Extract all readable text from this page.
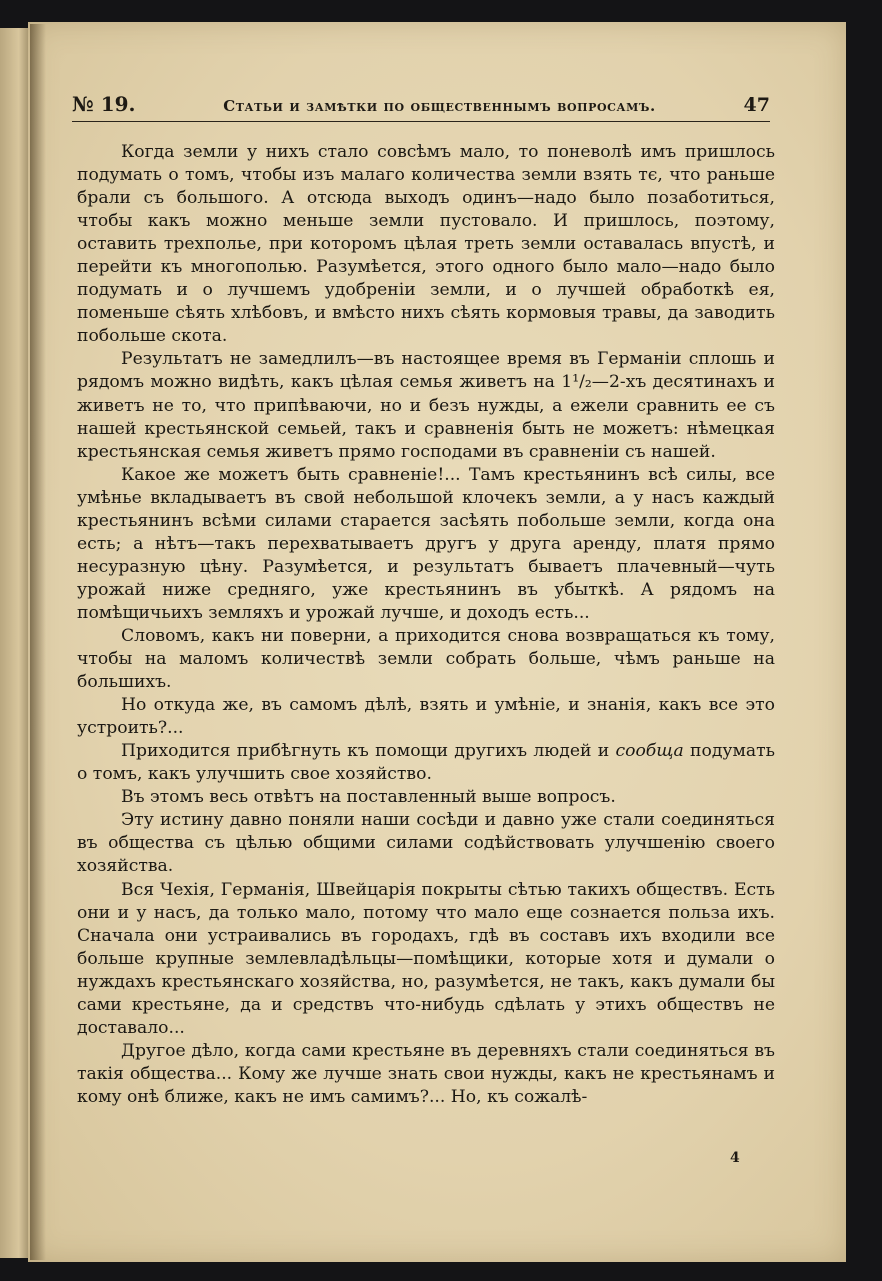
№ 19.	Статьи и замѣтки по общественнымъ вопросамъ.	47

Когда земли у нихъ стало совсѣмъ мало, то поневолѣ имъ пришлось подумать о томъ, чтобы изъ малаго количества земли взять тє, что раньше брали съ большого. А отсюда выходъ одинъ—надо было позаботиться, чтобы какъ можно меньше земли пустовало. И пришлось, поэтому, оставить трехполье, при которомъ цѣлая треть земли оставалась впустѣ, и перейти къ многополью. Разумѣется, этого одного было мало—надо было подумать и о лучшемъ удобреніи земли, и о лучшей обработкѣ ея, поменьше сѣять хлѣбовъ, и вмѣсто нихъ сѣять кормовыя травы, да заводить побольше скота.

Результатъ не замедлилъ—въ настоящее время въ Германіи сплошь и рядомъ можно видѣть, какъ цѣлая семья живетъ на 1¹/₂—2-хъ десятинахъ и живетъ не то, что припѣваючи, но и безъ нужды, а ежели сравнить ее съ нашей крестьянской семьей, такъ и сравненія быть не можетъ: нѣмецкая крестьянская семья живетъ прямо господами въ сравненіи съ нашей.

Какое же можетъ быть сравненіе!... Тамъ крестьянинъ всѣ силы, все умѣнье вкладываетъ въ свой небольшой клочекъ земли, а у насъ каждый крестьянинъ всѣми силами старается засѣять побольше земли, когда она есть; а нѣтъ—такъ перехватываетъ другъ у друга аренду, платя прямо несуразную цѣну. Разумѣется, и результатъ бываетъ плачевный—чуть урожай ниже средняго, уже крестьянинъ въ убыткѣ. А рядомъ на помѣщичьихъ земляхъ и урожай лучше, и доходъ есть...

Словомъ, какъ ни поверни, а приходится снова возвращаться къ тому, чтобы на маломъ количествѣ земли собрать больше, чѣмъ раньше на большихъ.

Но откуда же, въ самомъ дѣлѣ, взять и умѣніе, и знанія, какъ все это устроить?...

Приходится прибѣгнуть къ помощи другихъ людей и сообща подумать о томъ, какъ улучшить свое хозяйство.

Въ этомъ весь отвѣтъ на поставленный выше вопросъ.

Эту истину давно поняли наши сосѣди и давно уже стали соединяться въ общества съ цѣлью общими силами содѣйствовать улучшенію своего хозяйства.

Вся Чехія, Германія, Швейцарія покрыты сѣтью такихъ обществъ. Есть они и у насъ, да только мало, потому что мало еще сознается польза ихъ. Сначала они устраивались въ городахъ, гдѣ въ составъ ихъ входили все больше крупные землевладѣльцы—помѣщики, которые хотя и думали о нуждахъ крестьянскаго хозяйства, но, разумѣется, не такъ, какъ думали бы сами крестьяне, да и средствъ что-нибудь сдѣлать у этихъ обществъ не доставало...

Другое дѣло, когда сами крестьяне въ деревняхъ стали соединяться въ такія общества... Кому же лучше знать свои нужды, какъ не крестьянамъ и кому онѣ ближе, какъ не имъ самимъ?... Но, къ сожалѣ-

4
